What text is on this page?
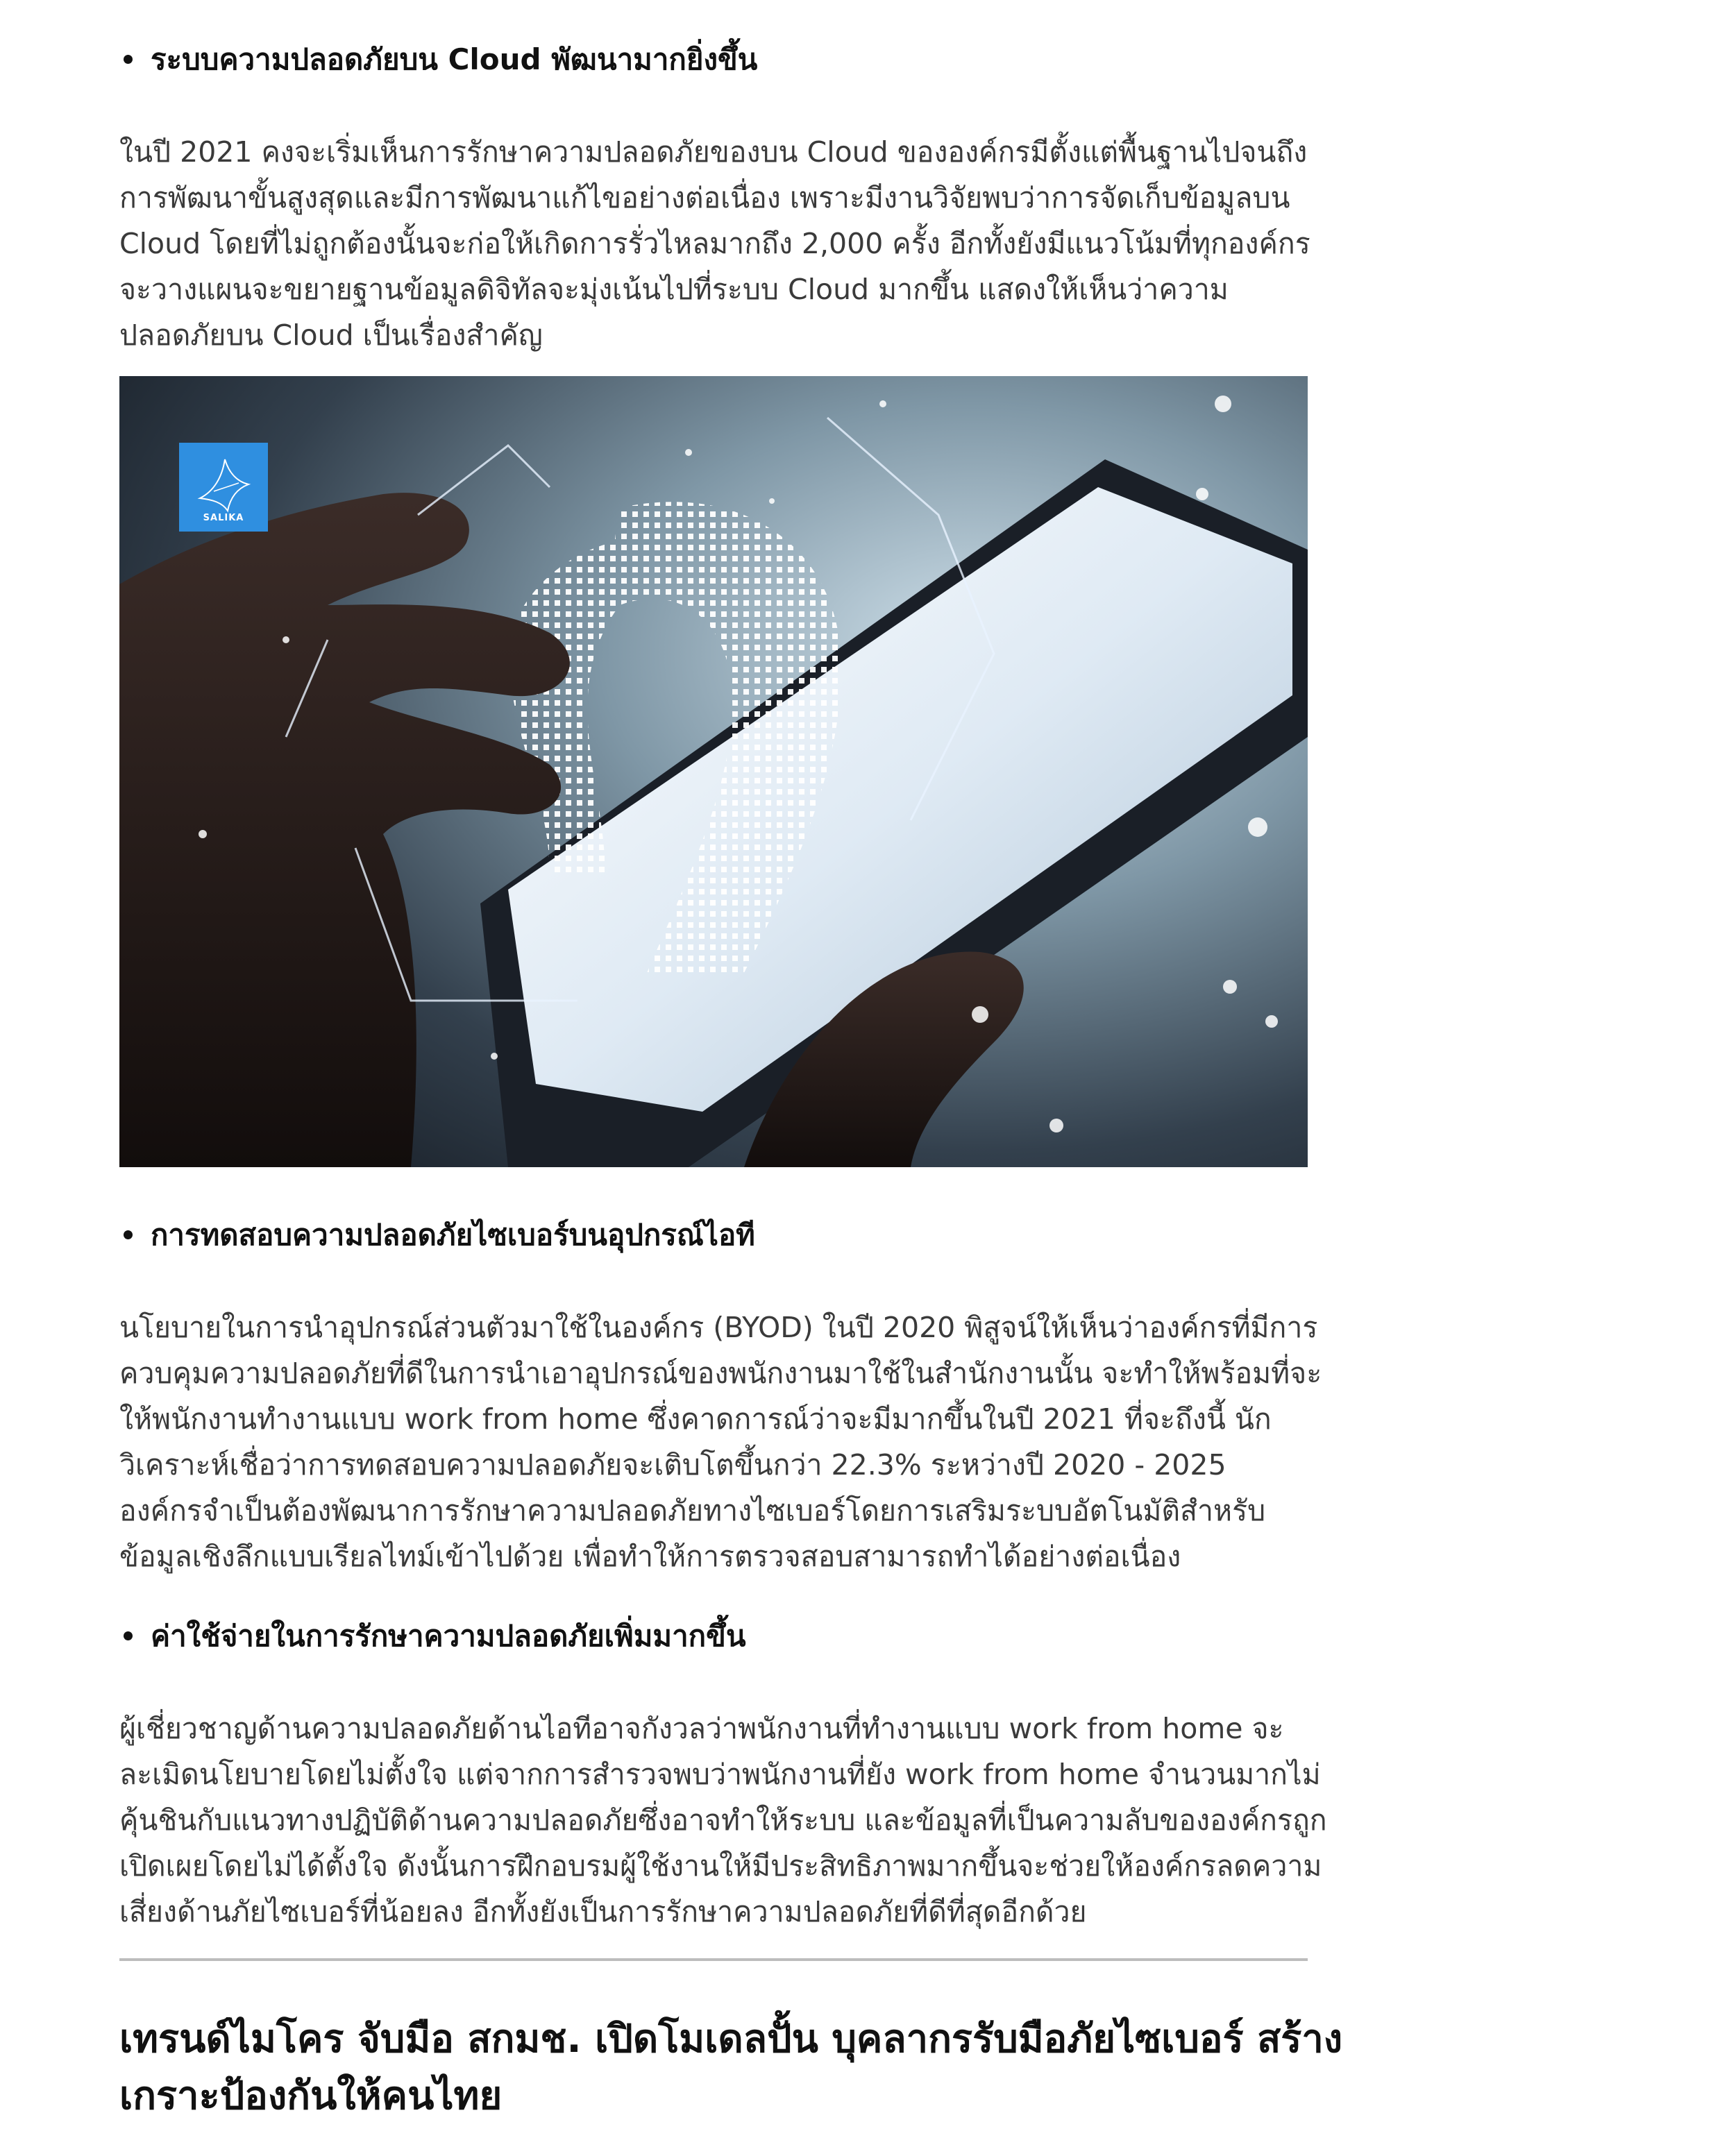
ระบบความปลอดภัยบน Cloud พัฒนามากยิ่งขึ้น

ในปี 2021 คงจะเริ่มเห็นการรักษาความปลอดภัยของบน Cloud ขององค์กรมีตั้งแต่พื้นฐานไปจนถึง
การพัฒนาขั้นสูงสุดและมีการพัฒนาแก้ไขอย่างต่อเนื่อง เพราะมีงานวิจัยพบว่าการจัดเก็บข้อมูลบน
Cloud โดยที่ไม่ถูกต้องนั้นจะก่อให้เกิดการรั่วไหลมากถึง 2,000 ครั้ง อีกทั้งยังมีแนวโน้มที่ทุกองค์กร
จะวางแผนจะขยายฐานข้อมูลดิจิทัลจะมุ่งเน้นไปที่ระบบ Cloud มากขึ้น แสดงให้เห็นว่าความ
ปลอดภัยบน Cloud เป็นเรื่องสำคัญ

SALIKA
การทดสอบความปลอดภัยไซเบอร์บนอุปกรณ์ไอที

นโยบายในการนำอุปกรณ์ส่วนตัวมาใช้ในองค์กร (BYOD) ในปี 2020 พิสูจน์ให้เห็นว่าองค์กรที่มีการ
ควบคุมความปลอดภัยที่ดีในการนำเอาอุปกรณ์ของพนักงานมาใช้ในสำนักงานนั้น จะทำให้พร้อมที่จะ
ให้พนักงานทำงานแบบ work from home ซึ่งคาดการณ์ว่าจะมีมากขึ้นในปี 2021 ที่จะถึงนี้ นัก
วิเคราะห์เชื่อว่าการทดสอบความปลอดภัยจะเติบโตขึ้นกว่า 22.3% ระหว่างปี 2020 - 2025
องค์กรจำเป็นต้องพัฒนาการรักษาความปลอดภัยทางไซเบอร์โดยการเสริมระบบอัตโนมัติสำหรับ
ข้อมูลเชิงลึกแบบเรียลไทม์เข้าไปด้วย เพื่อทำให้การตรวจสอบสามารถทำได้อย่างต่อเนื่อง

ค่าใช้จ่ายในการรักษาความปลอดภัยเพิ่มมากขึ้น

ผู้เชี่ยวชาญด้านความปลอดภัยด้านไอทีอาจกังวลว่าพนักงานที่ทำงานแบบ work from home จะ
ละเมิดนโยบายโดยไม่ตั้งใจ แต่จากการสำรวจพบว่าพนักงานที่ยัง work from home จำนวนมากไม่
คุ้นชินกับแนวทางปฏิบัติด้านความปลอดภัยซึ่งอาจทำให้ระบบ และข้อมูลที่เป็นความลับขององค์กรถูก
เปิดเผยโดยไม่ได้ตั้งใจ ดังนั้นการฝึกอบรมผู้ใช้งานให้มีประสิทธิภาพมากขึ้นจะช่วยให้องค์กรลดความ
เสี่ยงด้านภัยไซเบอร์ที่น้อยลง อีกทั้งยังเป็นการรักษาความปลอดภัยที่ดีที่สุดอีกด้วย

เทรนด์ไมโคร จับมือ สกมช. เปิดโมเดลปั้น บุคลากรรับมือภัยไซเบอร์ สร้าง
เกราะป้องกันให้คนไทย
